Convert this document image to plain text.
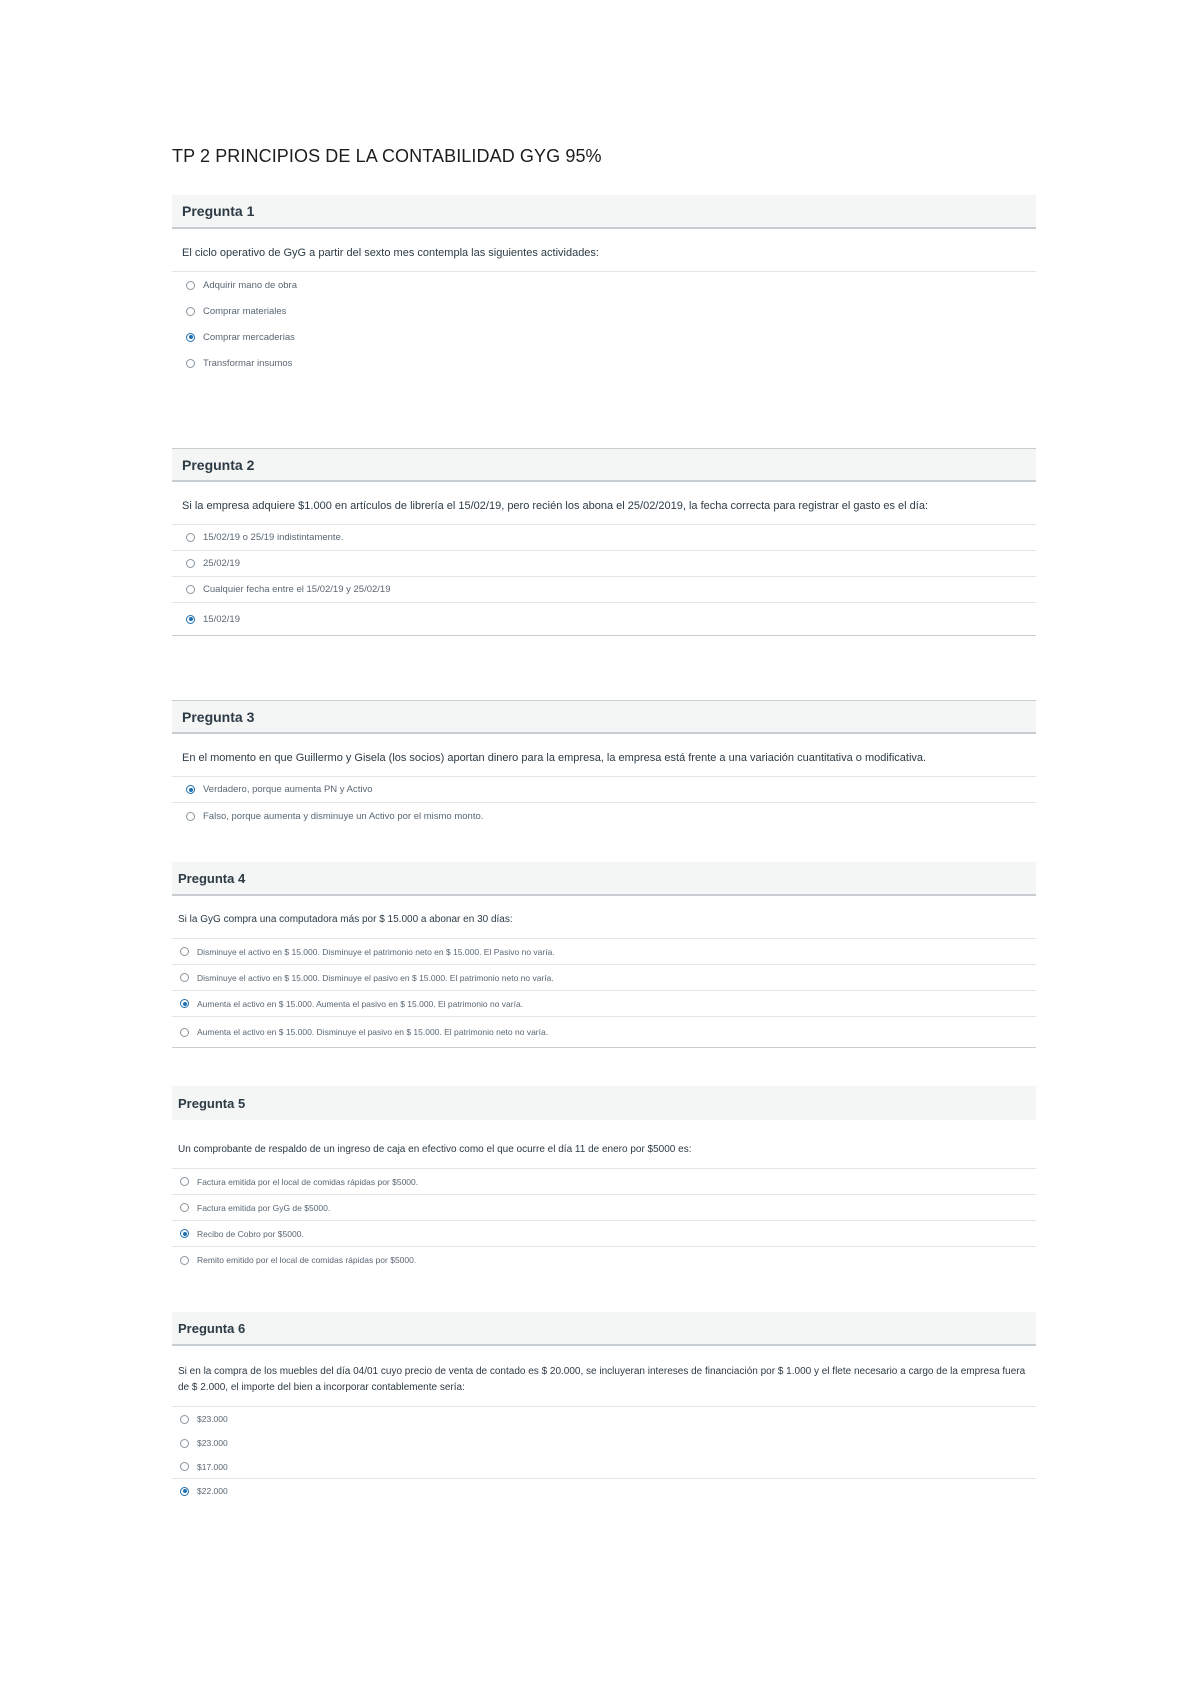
TP 2 PRINCIPIOS DE LA CONTABILIDAD GYG 95%
Pregunta 1
El ciclo operativo de GyG a partir del sexto mes contempla las siguientes actividades:
Adquirir mano de obra
Comprar materiales
Comprar mercaderias
Transformar insumos
Pregunta 2
Si la empresa adquiere $1.000 en artículos de librería el 15/02/19, pero recién los abona el 25/02/2019, la fecha correcta para registrar el gasto es el día:
15/02/19 o 25/19 indistintamente.
25/02/19
Cualquier fecha entre el 15/02/19 y 25/02/19
15/02/19
Pregunta 3
En el momento en que Guillermo y Gisela (los socios) aportan dinero para la empresa, la empresa está frente a una variación cuantitativa o modificativa.
Verdadero, porque aumenta PN y Activo
Falso, porque aumenta y disminuye un Activo por el mismo monto.
Pregunta 4
Si la GyG compra una computadora más por $ 15.000 a abonar en 30 días:
Disminuye el activo en $ 15.000. Disminuye el patrimonio neto en $ 15.000. El Pasivo no varía.
Disminuye el activo en $ 15.000. Disminuye el pasivo en $ 15.000. El patrimonio neto no varía.
Aumenta el activo en $ 15.000. Aumenta el pasivo en $ 15.000. El patrimonio no varía.
Aumenta el activo en $ 15.000. Disminuye el pasivo en $ 15.000. El patrimonio neto no varía.
Pregunta 5
Un comprobante de respaldo de un ingreso de caja en efectivo como el que ocurre el día 11 de enero por $5000 es:
Factura emitida por el local de comidas rápidas por $5000.
Factura emitida por GyG de $5000.
Recibo de Cobro por $5000.
Remito emitido por el local de comidas rápidas por $5000.
Pregunta 6
Si en la compra de los muebles del día 04/01 cuyo precio de venta de contado es $ 20.000, se incluyeran intereses de financiación por $ 1.000 y el flete necesario a cargo de la empresa fuera de $ 2.000, el importe del bien a incorporar contablemente sería:
$23.000
$23.000
$17.000
$22.000
